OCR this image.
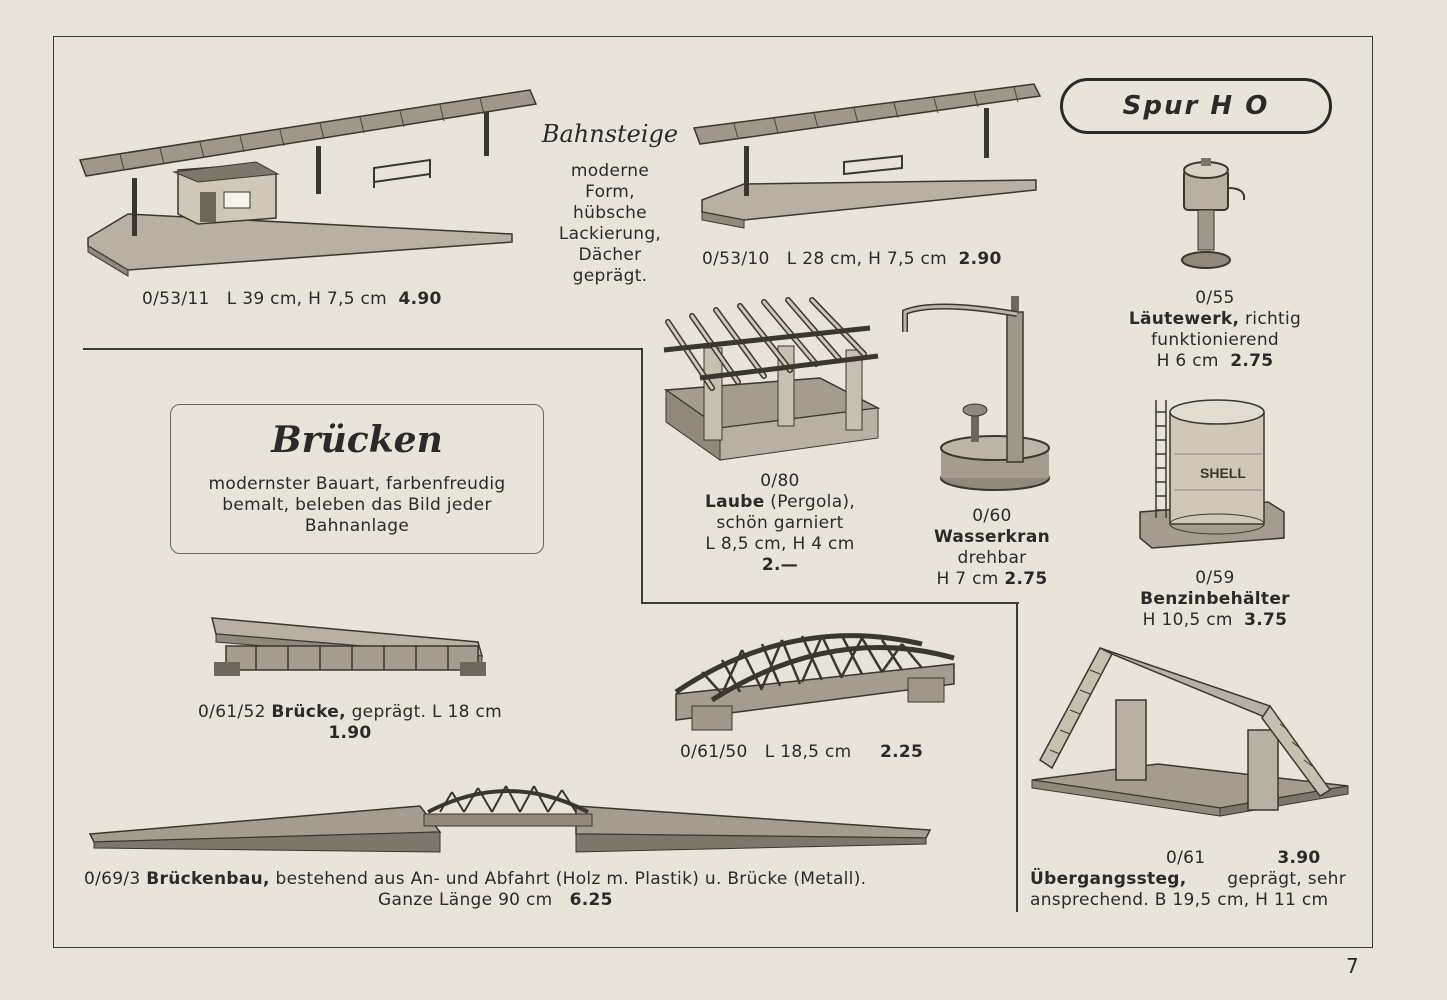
Spur H O
0/53/11 L 39 cm, H 7,5 cm 4.90
Bahnsteige
moderne
Form,
hübsche
Lackierung,
Dächer
geprägt.
0/53/10 L 28 cm, H 7,5 cm 2.90
0/55
Läutewerk, richtig
funktionierend
H 6 cm 2.75
0/80
Laube (Pergola),
schön garniert
L 8,5 cm, H 4 cm
2.—
0/60
Wasserkran
drehbar
H 7 cm 2.75
SHELL
0/59
Benzinbehälter
H 10,5 cm 3.75
Brücken
modernster Bauart, farbenfreudig
bemalt, beleben das Bild jeder
Bahnanlage
0/61/52 Brücke, geprägt. L 18 cm
1.90
0/61/50 L 18,5 cm 2.25
0/61	3.90
Übergangssteg, geprägt, sehr
ansprechend. B 19,5 cm, H 11 cm
0/69/3 Brückenbau, bestehend aus An- und Abfahrt (Holz m. Plastik) u. Brücke (Metall).
Ganze Länge 90 cm 6.25
7
